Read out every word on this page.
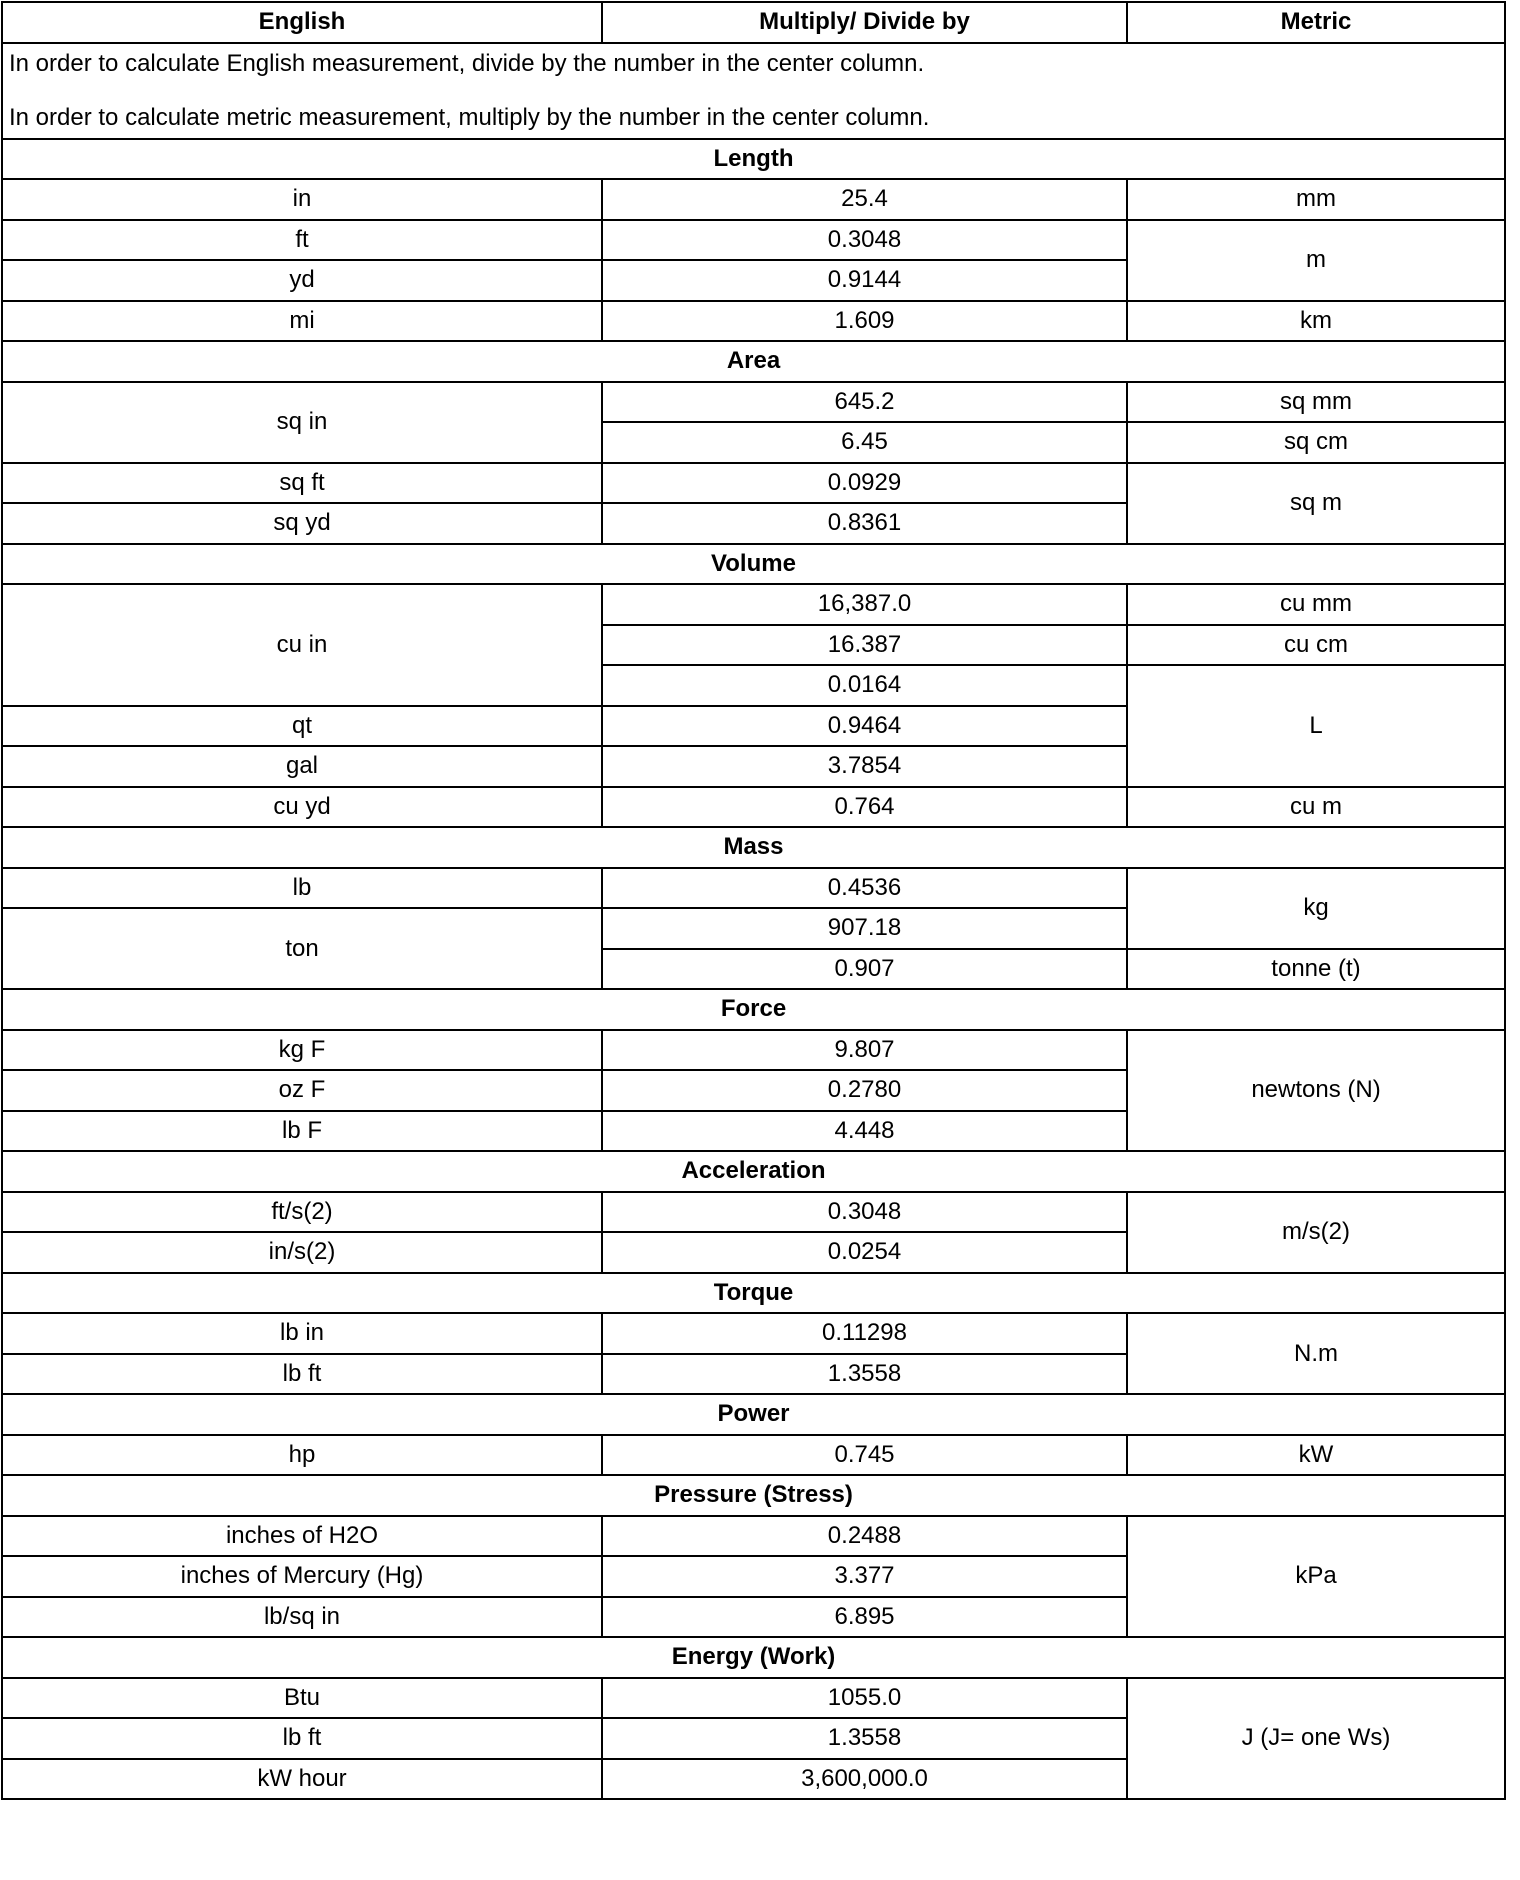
English	Multiply/ Divide by	Metric

In order to calculate English measurement, divide by the number in the center column.

In order to calculate metric measurement, multiply by the number in the center column.		

Length		
in	25.4	mm
ft	0.3048	m
yd	0.9144	
mi	1.609	km
Area		
sq in	645.2	sq mm
	6.45	sq cm
sq ft	0.0929	sq m
sq yd	0.8361	
Volume		
cu in	16,387.0	cu mm
	16.387	cu cm
	0.0164	L
qt	0.9464	
gal	3.7854	
cu yd	0.764	cu m
Mass		
lb	0.4536	kg
ton	907.18	
	0.907	tonne (t)
Force		
kg F	9.807	newtons (N)
oz F	0.2780	
lb F	4.448	
Acceleration		
ft/s(2)	0.3048	m/s(2)
in/s(2)	0.0254	
Torque		
lb in	0.11298	N.m
lb ft	1.3558	
Power		
hp	0.745	kW
Pressure (Stress)		
inches of H2O	0.2488	kPa
inches of Mercury (Hg)	3.377	
lb/sq in	6.895	
Energy (Work)		
Btu	1055.0	J (J= one Ws)
lb ft	1.3558	
kW hour	3,600,000.0	
